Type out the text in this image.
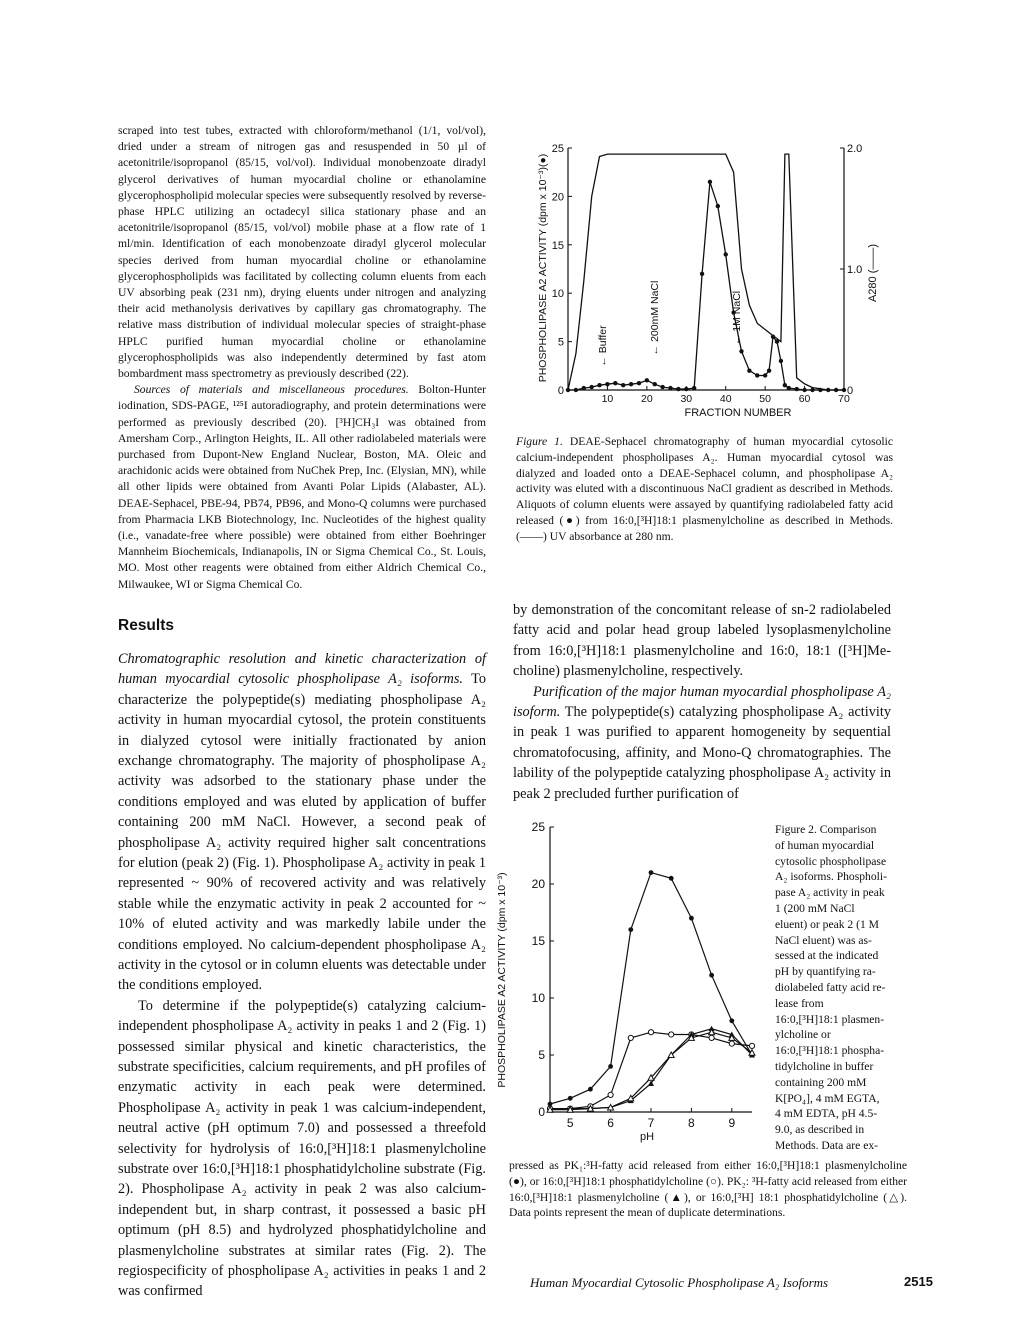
scraped into test tubes, extracted with chloroform/methanol (1/1, vol/vol), dried under a stream of nitrogen gas and resuspended in 50 µl of acetonitrile/isopropanol (85/15, vol/vol). Individual monobenzoate diradyl glycerol derivatives of human myocardial choline or ethanolamine glycerophospholipid molecular species were subsequently resolved by reverse-phase HPLC utilizing an octadecyl silica stationary phase and an acetonitrile/isopropanol (85/15, vol/vol) mobile phase at a flow rate of 1 ml/min. Identification of each monobenzoate diradyl glycerol molecular species derived from human myocardial choline or ethanolamine glycerophospholipids was facilitated by collecting column eluents from each UV absorbing peak (231 nm), drying eluents under nitrogen and analyzing their acid methanolysis derivatives by capillary gas chromatography. The relative mass distribution of individual molecular species of straight-phase HPLC purified human myocardial choline or ethanolamine glycerophospholipids was also independently determined by fast atom bombardment mass spectrometry as previously described (22).

Sources of materials and miscellaneous procedures. Bolton-Hunter iodination, SDS-PAGE, ¹²⁵I autoradiography, and protein determinations were performed as previously described (20). [³H]CH₃I was obtained from Amersham Corp., Arlington Heights, IL. All other radiolabeled materials were purchased from Dupont-New England Nuclear, Boston, MA. Oleic and arachidonic acids were obtained from NuChek Prep, Inc. (Elysian, MN), while all other lipids were obtained from Avanti Polar Lipids (Alabaster, AL). DEAE-Sephacel, PBE-94, PB74, PB96, and Mono-Q columns were purchased from Pharmacia LKB Biotechnology, Inc. Nucleotides of the highest quality (i.e., vanadate-free where possible) were obtained from either Boehringer Mannheim Biochemicals, Indianapolis, IN or Sigma Chemical Co., St. Louis, MO. Most other reagents were obtained from either Aldrich Chemical Co., Milwaukee, WI or Sigma Chemical Co.

Results

Chromatographic resolution and kinetic characterization of human myocardial cytosolic phospholipase A₂ isoforms. To characterize the polypeptide(s) mediating phospholipase A₂ activity in human myocardial cytosol, the protein constituents in dialyzed cytosol were initially fractionated by anion exchange chromatography. The majority of phospholipase A₂ activity was adsorbed to the stationary phase under the conditions employed and was eluted by application of buffer containing 200 mM NaCl. However, a second peak of phospholipase A₂ activity required higher salt concentrations for elution (peak 2) (Fig. 1). Phospholipase A₂ activity in peak 1 represented ~ 90% of recovered activity and was relatively stable while the enzymatic activity in peak 2 accounted for ~ 10% of eluted activity and was markedly labile under the conditions employed. No calcium-dependent phospholipase A₂ activity in the cytosol or in column eluents was detectable under the conditions employed.

To determine if the polypeptide(s) catalyzing calcium-independent phospholipase A₂ activity in peaks 1 and 2 (Fig. 1) possessed similar physical and kinetic characteristics, the substrate specificities, calcium requirements, and pH profiles of enzymatic activity in each peak were determined. Phospholipase A₂ activity in peak 1 was calcium-independent, neutral active (pH optimum 7.0) and possessed a threefold selectivity for hydrolysis of 16:0,[³H]18:1 plasmenylcholine substrate over 16:0,[³H]18:1 phosphatidylcholine substrate (Fig. 2). Phospholipase A₂ activity in peak 2 was also calcium-independent but, in sharp contrast, it possessed a basic pH optimum (pH 8.5) and hydrolyzed phosphatidylcholine and plasmenylcholine substrates at similar rates (Fig. 2). The regiospecificity of phospholipase A₂ activities in peaks 1 and 2 was confirmed

PHOSPHOLIPASE A2 ACTIVITY (dpm x 10⁻³)(●)	A280 (——)
FRACTION NUMBER
10	20	30	40	50	60	70
0
5
10
15
20
25
0
1.0
2.0
← Buffer	← 200mM NaCl	← 1M NaCl
Figure 1. DEAE-Sephacel chromatography of human myocardial cytosolic calcium-independent phospholipases A₂. Human myocardial cytosol was dialyzed and loaded onto a DEAE-Sephacel column, and phospholipase A₂ activity was eluted with a discontinuous NaCl gradient as described in Methods. Aliquots of column eluents were assayed by quantifying radiolabeled fatty acid released (●) from 16:0,[³H]18:1 plasmenylcholine as described in Methods. (——) UV absorbance at 280 nm.

by demonstration of the concomitant release of sn-2 radiolabeled fatty acid and polar head group labeled lysoplasmenylcholine from 16:0,[³H]18:1 plasmenylcholine and 16:0, 18:1 ([³H]Me-choline) plasmenylcholine, respectively.

Purification of the major human myocardial phospholipase A₂ isoform. The polypeptide(s) catalyzing phospholipase A₂ activity in peak 1 was purified to apparent homogeneity by sequential chromatofocusing, affinity, and Mono-Q chromatographies. The lability of the polypeptide catalyzing phospholipase A₂ activity in peak 2 precluded further purification of

PHOSPHOLIPASE A2 ACTIVITY (dpm x 10⁻³)
pH
5	6	7	8	9
0
5
10
15
20
25	Figure 2. Comparison
of human myocardial
cytosolic phospholipase
A₂ isoforms. Phospholi-
pase A₂ activity in peak
1 (200 mM NaCl
eluent) or peak 2 (1 M
NaCl eluent) was as-
sessed at the indicated
pH by quantifying ra-
diolabeled fatty acid re-
lease from
16:0,[³H]18:1 plasmen-
ylcholine or
16:0,[³H]18:1 phospha-
tidylcholine in buffer
containing 200 mM
K[PO₄], 4 mM EGTA,
4 mM EDTA, pH 4.5-
9.0, as described in
Methods. Data are ex-
pressed as PK₁:³H-fatty acid released from either 16:0,[³H]18:1 plasmenylcholine (●), or 16:0,[³H]18:1 phosphatidylcholine (○). PK₂: ³H-fatty acid released from either 16:0,[³H]18:1 plasmenylcholine (▲), or 16:0,[³H] 18:1 phosphatidylcholine (△). Data points represent the mean of duplicate determinations.
Human Myocardial Cytosolic Phospholipase A₂ Isoforms	2515
